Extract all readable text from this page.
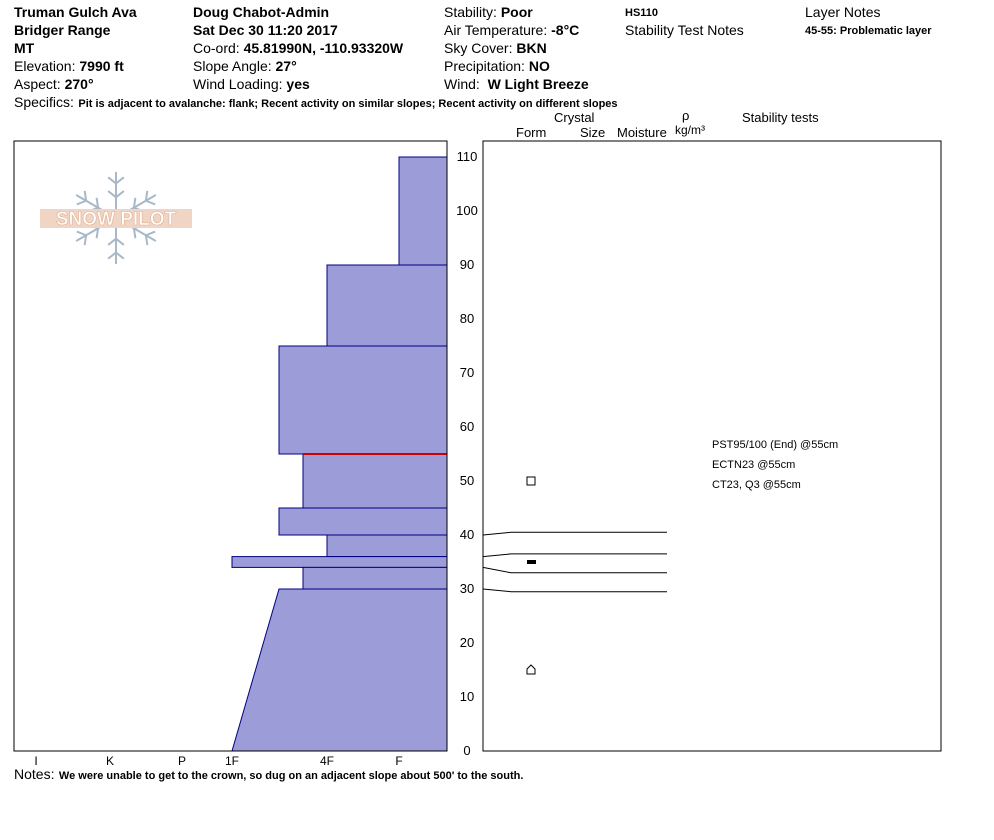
Truman Gulch Ava
Bridger Range
MT
Elevation: 7990 ft
Aspect: 270°
Doug Chabot-Admin
Sat Dec 30 11:20 2017
Co-ord: 45.81990N, -110.93320W
Slope Angle: 27°
Wind Loading: yes
Stability: Poor
Air Temperature: -8°C
Sky Cover: BKN
Precipitation: NO
Wind: W Light Breeze
HS110
Stability Test Notes
Layer Notes
45-55: Problematic layer
Specifics: Pit is adjacent to avalanche: flank; Recent activity on similar slopes; Recent activity on different slopes
Crystal
Form	Size Moisture
ρ
kg/m³
Stability tests
SNOW PILOT
0
10
20
30
40
50
60
70
80
90
100
110
I	K	P	1F	4F	F
PST95/100 (End) @55cm
ECTN23 @55cm
CT23, Q3 @55cm
Notes: We were unable to get to the crown, so dug on an adjacent slope about 500' to the south.
